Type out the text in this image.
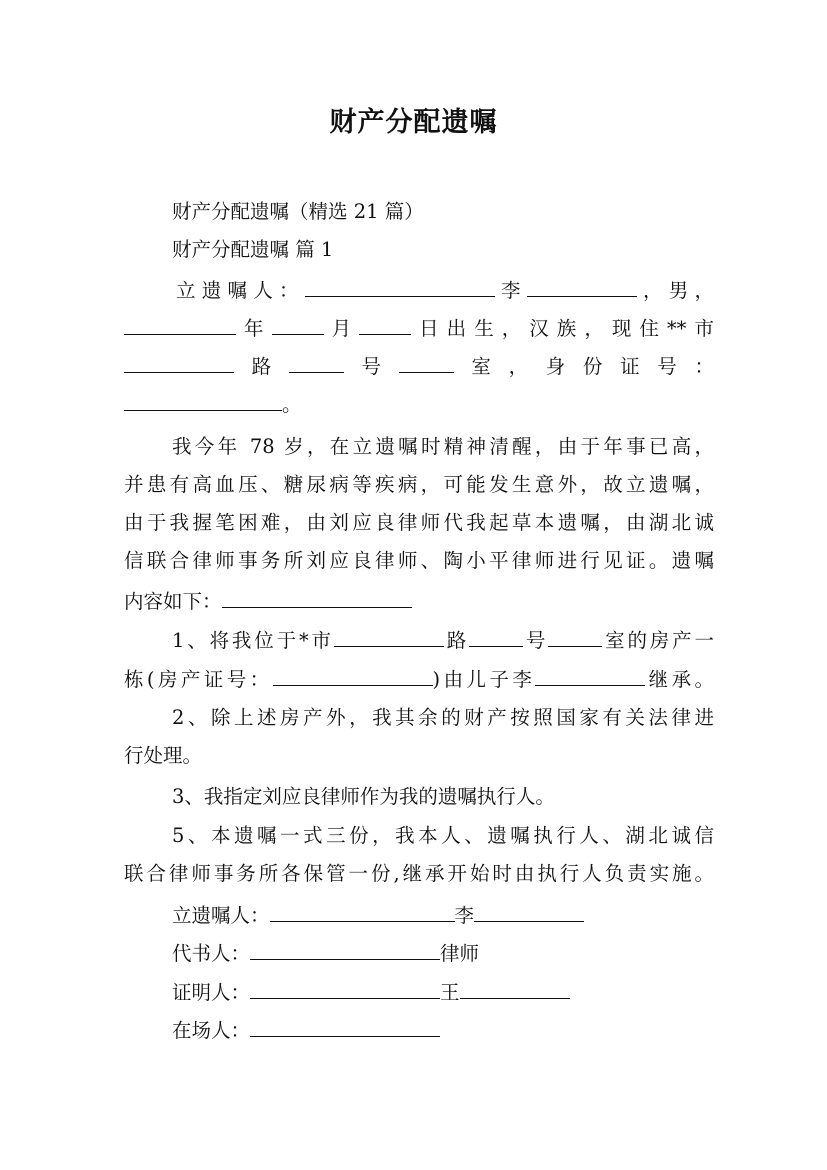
财产分配遗嘱
财产分配遗嘱（精选 21 篇）
财产分配遗嘱 篇 1
立遗嘱人：	李	，男，
年	月	日出生，汉族，现住**市
路	号	室，身份证号：
。
我今年 78 岁，在立遗嘱时精神清醒，由于年事已高，
并患有高血压、糖尿病等疾病，可能发生意外，故立遗嘱，
由于我握笔困难，由刘应良律师代我起草本遗嘱，由湖北诚
信联合律师事务所刘应良律师、陶小平律师进行见证。遗嘱
内容如下：
1、将我位于*市	路	号	室的房产一
栋(房产证号：	)由儿子李	继承。
2、除上述房产外，我其余的财产按照国家有关法律进
行处理。
3、我指定刘应良律师作为我的遗嘱执行人。
5、本遗嘱一式三份，我本人、遗嘱执行人、湖北诚信
联合律师事务所各保管一份,继承开始时由执行人负责实施。
立遗嘱人：	李
代书人：	律师
证明人：	王
在场人：
